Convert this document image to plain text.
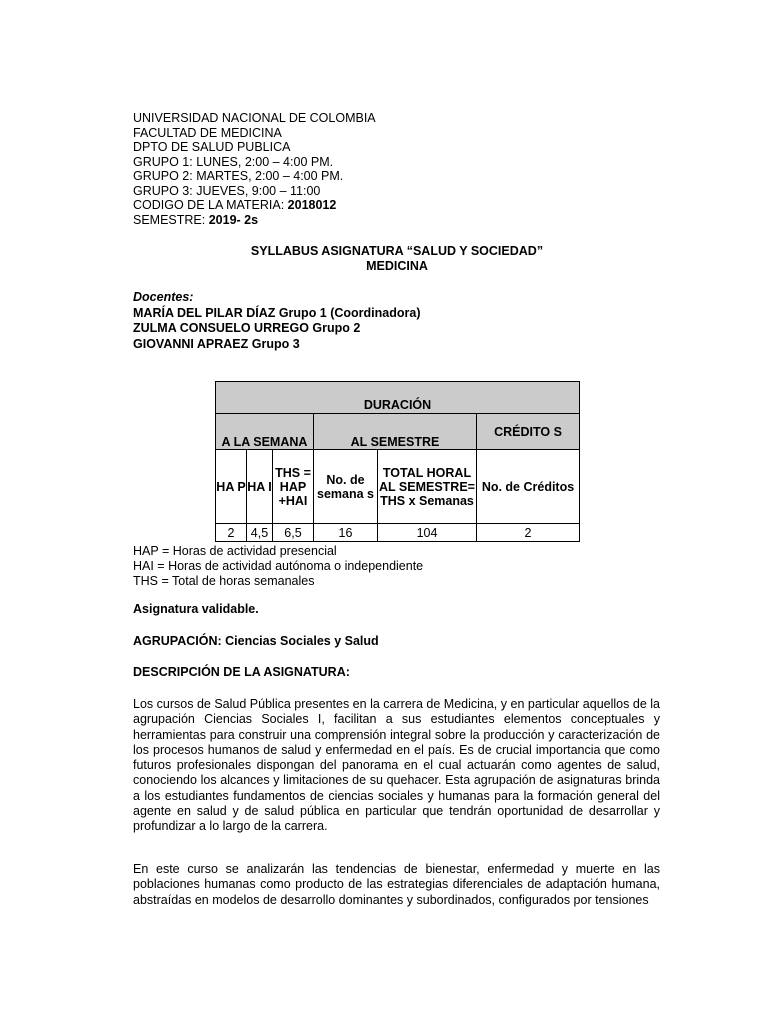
UNIVERSIDAD NACIONAL DE COLOMBIA
FACULTAD DE MEDICINA
DPTO DE SALUD PUBLICA
GRUPO 1: LUNES, 2:00 – 4:00 PM.
GRUPO 2: MARTES, 2:00 – 4:00 PM.
GRUPO 3: JUEVES, 9:00 – 11:00
CODIGO DE LA MATERIA: 2018012
SEMESTRE: 2019- 2s
SYLLABUS ASIGNATURA “SALUD Y SOCIEDAD”
MEDICINA
Docentes:
MARÍA DEL PILAR DÍAZ Grupo 1 (Coordinadora)
ZULMA CONSUELO URREGO Grupo 2
GIOVANNI APRAEZ Grupo 3
DURACIÓN					
A LA SEMANA			AL SEMESTRE		CRÉDITO S
HA P	HA I	THS = HAP +HAI	No. de semana s	TOTAL HORAL AL SEMESTRE= THS x Semanas	No. de Créditos
2	4,5	6,5	16	104	2
HAP = Horas de actividad presencial
HAI = Horas de actividad autónoma o independiente
THS = Total de horas semanales
Asignatura validable.
AGRUPACIÓN: Ciencias Sociales y Salud
DESCRIPCIÓN DE LA ASIGNATURA:
Los cursos de Salud Pública presentes en la carrera de Medicina, y en particular aquellos de la agrupación Ciencias Sociales I, facilitan a sus estudiantes elementos conceptuales y herramientas para construir una comprensión integral sobre la producción y caracterización de los procesos humanos de salud y enfermedad en el país. Es de crucial importancia que como futuros profesionales dispongan del panorama en el cual actuarán como agentes de salud, conociendo los alcances y limitaciones de su quehacer. Esta agrupación de asignaturas brinda a los estudiantes fundamentos de ciencias sociales y humanas para la formación general del agente en salud y de salud pública en particular que tendrán oportunidad de desarrollar y profundizar a lo largo de la carrera.
En este curso se analizarán las tendencias de bienestar, enfermedad y muerte en las poblaciones humanas como producto de las estrategias diferenciales de adaptación humana, abstraídas en modelos de desarrollo dominantes y subordinados, configurados por tensiones
